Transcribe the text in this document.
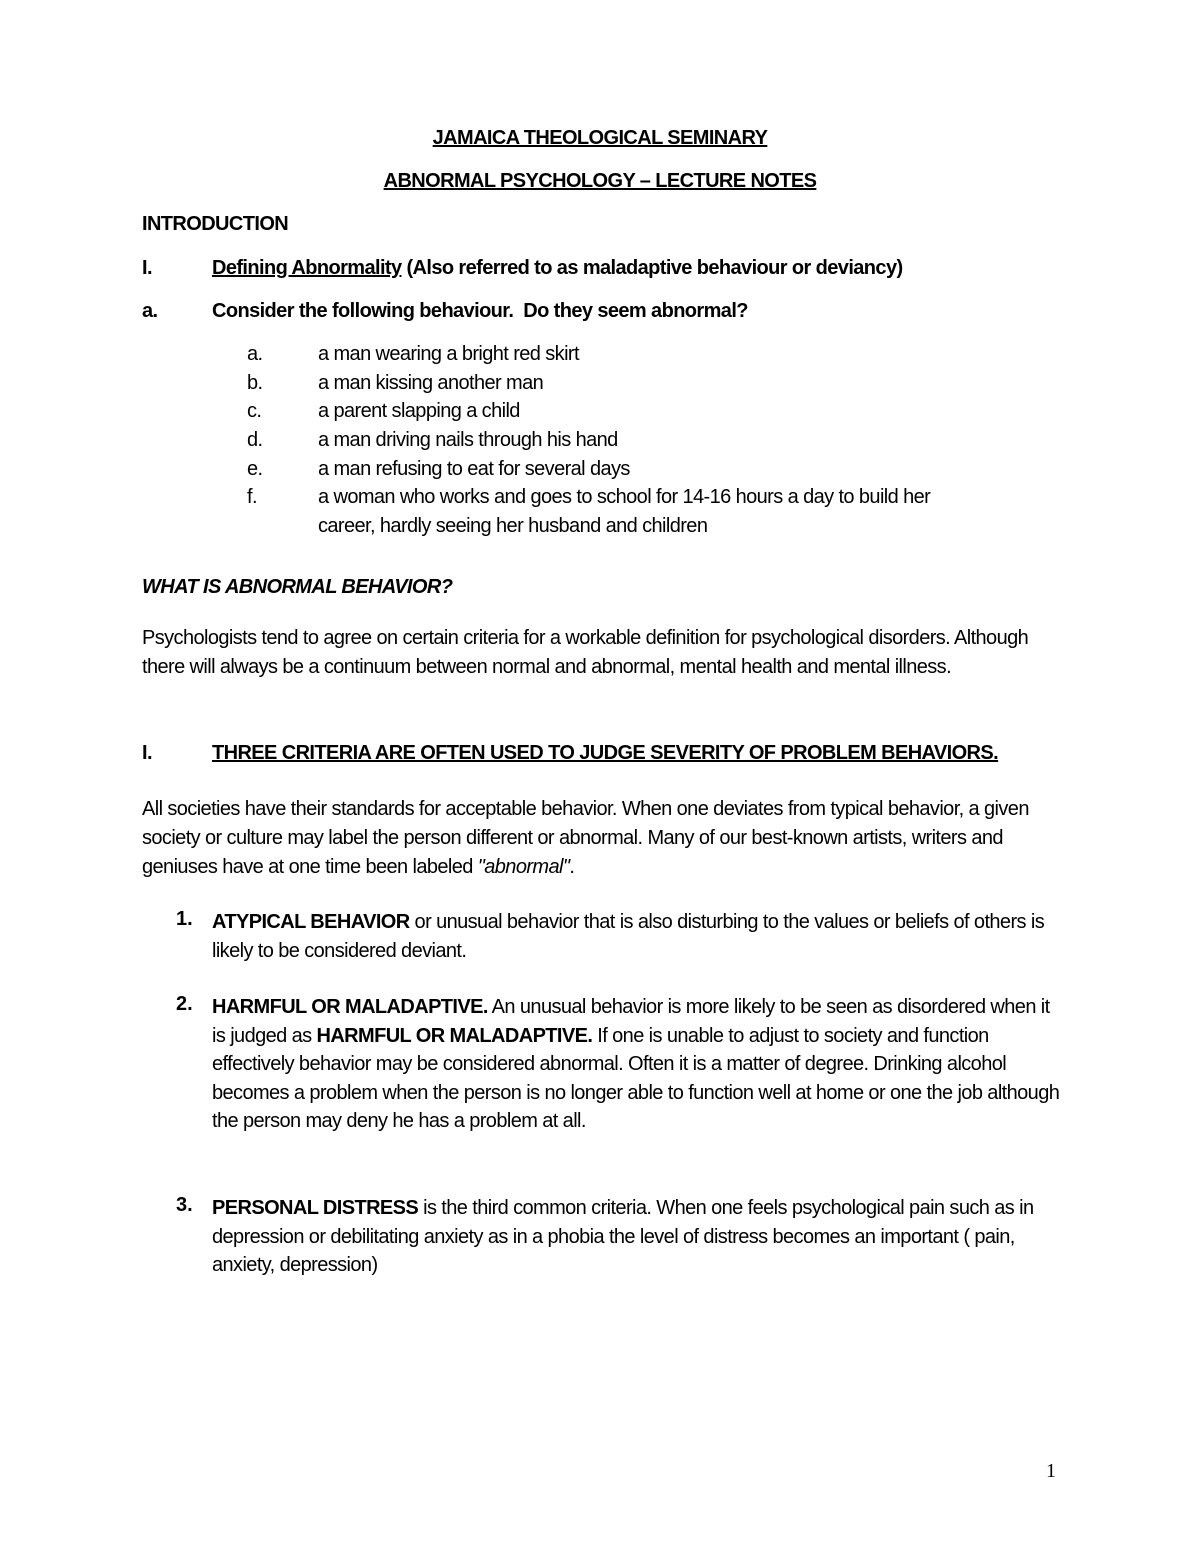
JAMAICA THEOLOGICAL SEMINARY
ABNORMAL PSYCHOLOGY – LECTURE NOTES
INTRODUCTION
I.	Defining Abnormality (Also referred to as maladaptive behaviour or deviancy)
a.	Consider the following behaviour.  Do they seem abnormal?
a.	a man wearing a bright red skirt
b.	a man kissing another man
c.	a parent slapping a child
d.	a man driving nails through his hand
e.	a man refusing to eat for several days
f.	a woman who works and goes to school for 14-16 hours a day to build her
career, hardly seeing her husband and children
WHAT IS ABNORMAL BEHAVIOR?
Psychologists tend to agree on certain criteria for a workable definition for psychological disorders. Although there will always be a continuum between normal and abnormal, mental health and mental illness.
I.	THREE CRITERIA ARE OFTEN USED TO JUDGE SEVERITY OF PROBLEM BEHAVIORS.
All societies have their standards for acceptable behavior. When one deviates from typical behavior, a given society or culture may label the person different or abnormal. Many of our best-known artists, writers and geniuses have at one time been labeled "abnormal".
1. ATYPICAL BEHAVIOR or unusual behavior that is also disturbing to the values or beliefs of others is likely to be considered deviant.
2. HARMFUL OR MALADAPTIVE. An unusual behavior is more likely to be seen as disordered when it is judged as HARMFUL OR MALADAPTIVE. If one is unable to adjust to society and function effectively behavior may be considered abnormal. Often it is a matter of degree. Drinking alcohol becomes a problem when the person is no longer able to function well at home or one the job although the person may deny he has a problem at all.
3. PERSONAL DISTRESS is the third common criteria. When one feels psychological pain such as in depression or debilitating anxiety as in a phobia the level of distress becomes an important ( pain, anxiety, depression)
1
